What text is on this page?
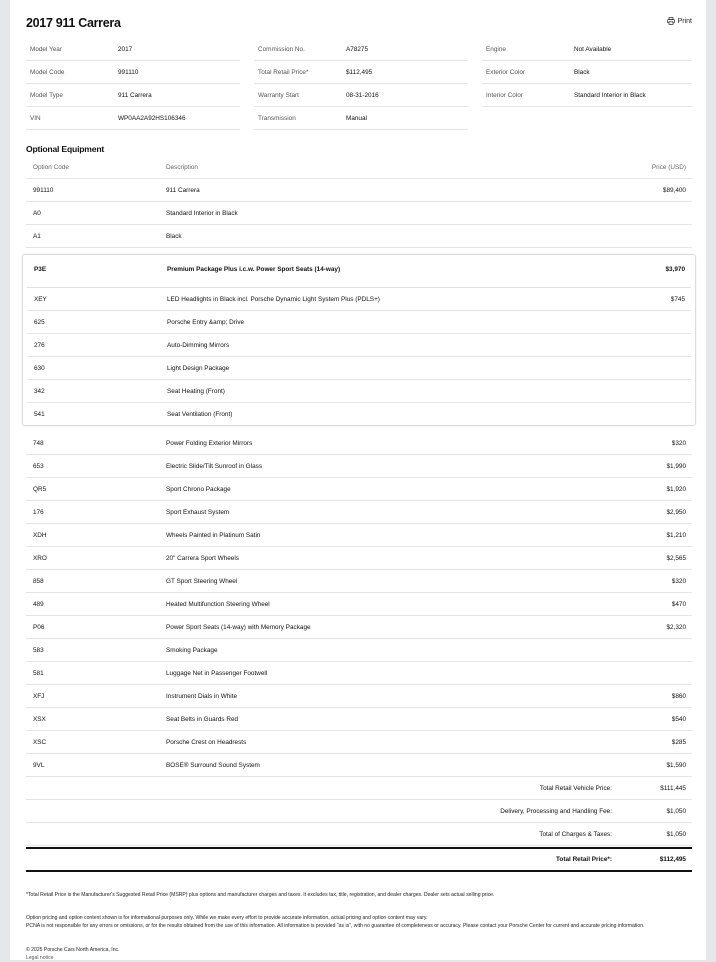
2017 911 Carrera	Print
Model Year	2017	Commission No.	A78275	Engine	Not Available
Model Code	991110	Total Retail Price*	$112,495	Exterior Color	Black
Model Type	911 Carrera	Warranty Start	08-31-2016	Interior Color	Standard Interior in Black
VIN	WP0AA2A92HS106346	Transmission	Manual
Optional Equipment
Option Code	Description	Price (USD)
991110	911 Carrera	$89,400
A0	Standard Interior in Black
A1	Black
P3E	Premium Package Plus i.c.w. Power Sport Seats (14-way)	$3,970
XEY	LED Headlights in Black incl. Porsche Dynamic Light System Plus (PDLS+)	$745
625	Porsche Entry &amp; Drive
276	Auto-Dimming Mirrors
630	Light Design Package
342	Seat Heating (Front)
541	Seat Ventilation (Front)
748	Power Folding Exterior Mirrors	$320
653	Electric Slide/Tilt Sunroof in Glass	$1,990
QR5	Sport Chrono Package	$1,920
176	Sport Exhaust System	$2,950
XDH	Wheels Painted in Platinum Satin	$1,210
XRO	20" Carrera Sport Wheels	$2,565
858	GT Sport Steering Wheel	$320
489	Heated Multifunction Steering Wheel	$470
P06	Power Sport Seats (14-way) with Memory Package	$2,320
583	Smoking Package
581	Luggage Net in Passenger Footwell
XFJ	Instrument Dials in White	$860
XSX	Seat Belts in Guards Red	$540
XSC	Porsche Crest on Headrests	$285
9VL	BOSE® Surround Sound System	$1,590
Total Retail Vehicle Price:	$111,445
Delivery, Processing and Handling Fee:	$1,050
Total of Charges & Taxes:	$1,050
Total Retail Price*:	$112,495
*Total Retail Price is the Manufacturer's Suggested Retail Price (MSRP) plus options and manufacturer charges and taxes. It excludes tax, title, registration, and dealer charges. Dealer sets actual selling price.
Option pricing and option content shown is for informational purposes only. While we make every effort to provide accurate information, actual pricing and option content may vary.
PCNA is not responsible for any errors or omissions, or for the results obtained from the use of this information. All information is provided "as is", with no guarantee of completeness or accuracy. Please contact your Porsche Center for current and accurate pricing information.
© 2025 Porsche Cars North America, Inc.
Legal notice
